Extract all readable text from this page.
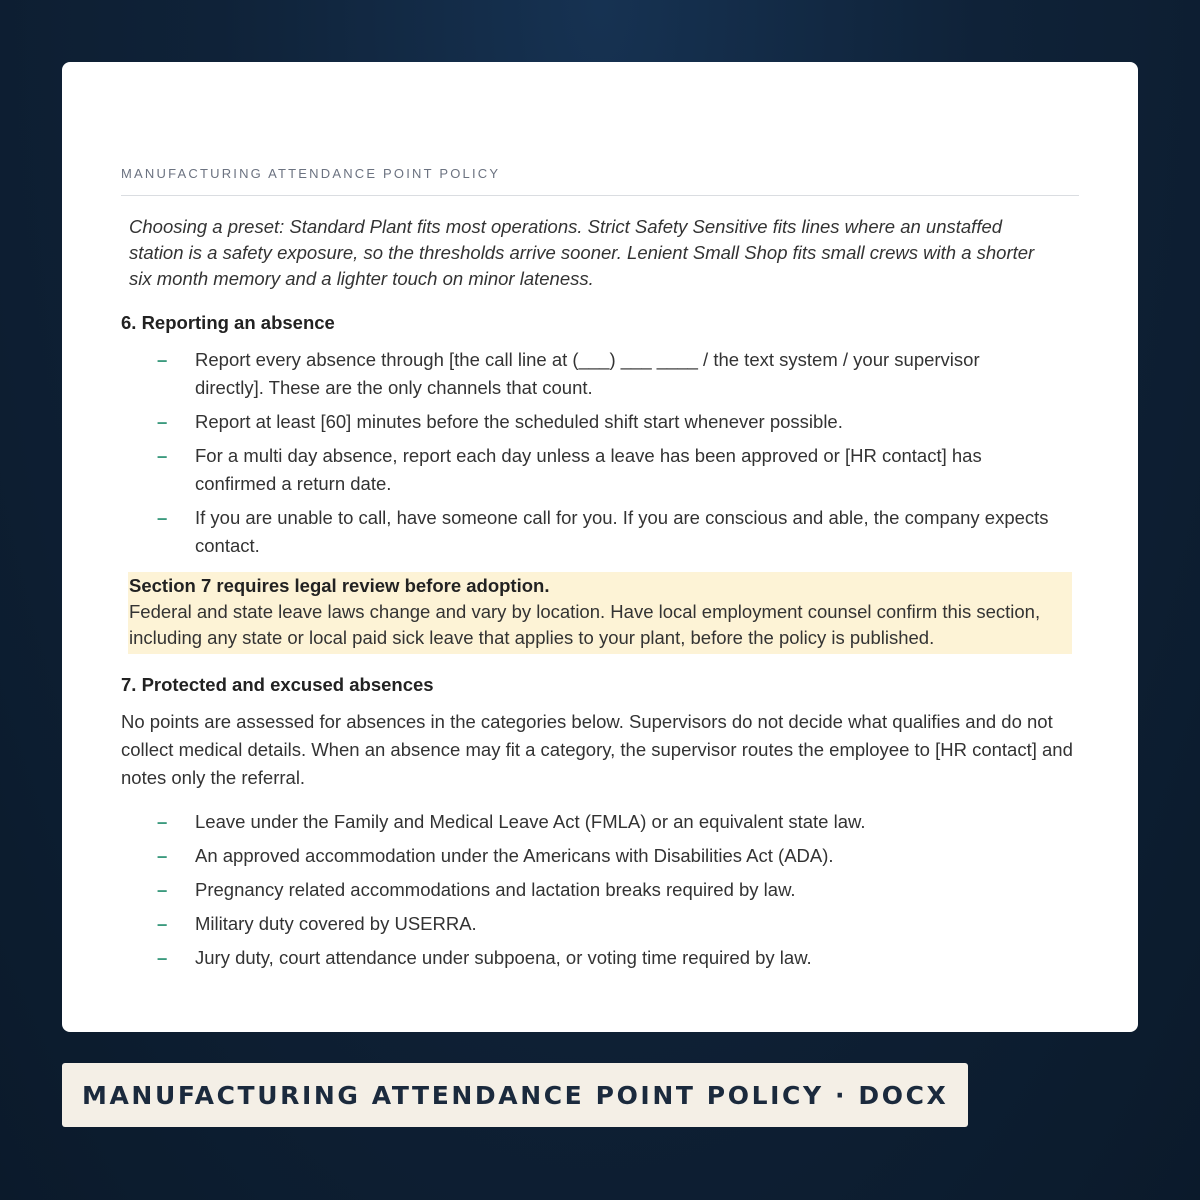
MANUFACTURING ATTENDANCE POINT POLICY

Choosing a preset: Standard Plant fits most operations. Strict Safety Sensitive fits lines where an unstaffed station is a safety exposure, so the thresholds arrive sooner. Lenient Small Shop fits small crews with a shorter six month memory and a lighter touch on minor lateness.

6. Reporting an absence
– Report every absence through [the call line at (___) ___ ____ / the text system / your supervisor directly]. These are the only channels that count.
– Report at least [60] minutes before the scheduled shift start whenever possible.
– For a multi day absence, report each day unless a leave has been approved or [HR contact] has confirmed a return date.
– If you are unable to call, have someone call for you. If you are conscious and able, the company expects contact.
Section 7 requires legal review before adoption.
Federal and state leave laws change and vary by location. Have local employment counsel confirm this section, including any state or local paid sick leave that applies to your plant, before the policy is published.
7. Protected and excused absences

No points are assessed for absences in the categories below. Supervisors do not decide what qualifies and do not collect medical details. When an absence may fit a category, the supervisor routes the employee to [HR contact] and notes only the referral.

– Leave under the Family and Medical Leave Act (FMLA) or an equivalent state law.
– An approved accommodation under the Americans with Disabilities Act (ADA).
– Pregnancy related accommodations and lactation breaks required by law.
– Military duty covered by USERRA.
– Jury duty, court attendance under subpoena, or voting time required by law.
MANUFACTURING ATTENDANCE POINT POLICY · DOCX
